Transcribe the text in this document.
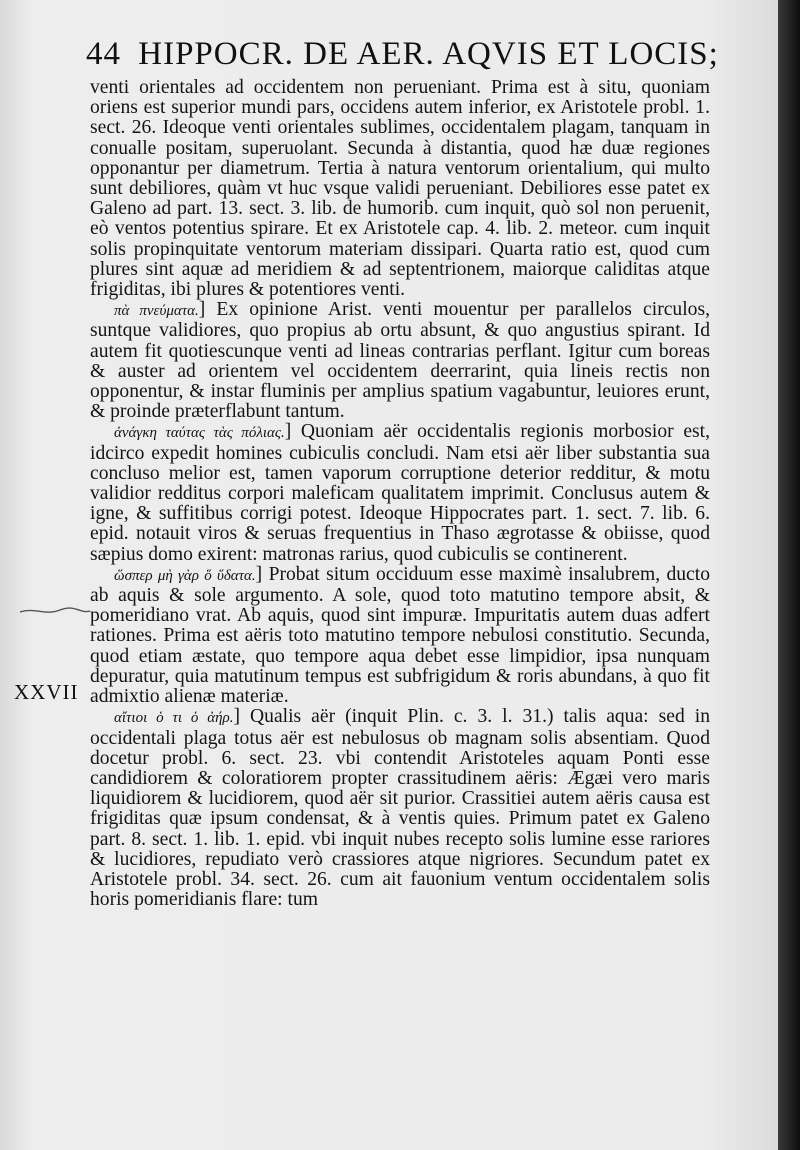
44 HIPPOCR. DE AER. AQVIS ET LOCIS;
XXVII

venti orientales ad occidentem non perueniant. Prima est à situ, quoniam oriens est superior mundi pars, occidens autem inferior, ex Aristotele probl. 1. sect. 26. Ideoque venti orientales sublimes, occidentalem plagam, tanquam in conualle positam, superuolant. Secunda à distantia, quod hæ duæ regiones opponantur per diametrum. Tertia à natura ventorum orientalium, qui multo sunt debiliores, quàm vt huc vsque validi perueniant. Debiliores esse patet ex Galeno ad part. 13. sect. 3. lib. de humorib. cum inquit, quò sol non peruenit, eò ventos potentius spirare. Et ex Aristotele cap. 4. lib. 2. meteor. cum inquit solis propinquitate ventorum materiam dissipari. Quarta ratio est, quod cum plures sint aquæ ad meridiem & ad septentrionem, maiorque caliditas atque frigiditas, ibi plures & potentiores venti.

πὰ πνεύματα.] Ex opinione Arist. venti mouentur per parallelos circulos, suntque validiores, quo propius ab ortu absunt, & quo angustius spirant. Id autem fit quotiescunque venti ad lineas contrarias perflant. Igitur cum boreas & auster ad orientem vel occidentem deerrarint, quia lineis rectis non opponentur, & instar fluminis per amplius spatium vagabuntur, leuiores erunt, & proinde præterflabunt tantum.

ἀνάγκη ταύτας τὰς πόλιας.] Quoniam aër occidentalis regionis morbosior est, idcirco expedit homines cubiculis concludi. Nam etsi aër liber substantia sua concluso melior est, tamen vaporum corruptione deterior redditur, & motu validior redditus corpori maleficam qualitatem imprimit. Conclusus autem & igne, & suffitibus corrigi potest. Ideoque Hippocrates part. 1. sect. 7. lib. 6. epid. notauit viros & seruas frequentius in Thaso ægrotasse & obiisse, quod sæpius domo exirent: matronas rarius, quod cubiculis se continerent.

ὥσπερ μὴ γὰρ ὅ ὕδατα.] Probat situm occiduum esse maximè insalubrem, ducto ab aquis & sole argumento. A sole, quod toto matutino tempore absit, & pomeridiano vrat. Ab aquis, quod sint impuræ. Impuritatis autem duas adfert rationes. Prima est aëris toto matutino tempore nebulosi constitutio. Secunda, quod etiam æstate, quo tempore aqua debet esse limpidior, ipsa nunquam depuratur, quia matutinum tempus est subfrigidum & roris abundans, à quo fit admixtio alienæ materiæ.

αἴτιοι ὁ τι ὁ ἀήρ.] Qualis aër (inquit Plin. c. 3. l. 31.) talis aqua: sed in occidentali plaga totus aër est nebulosus ob magnam solis absentiam. Quod docetur probl. 6. sect. 23. vbi contendit Aristoteles aquam Ponti esse candidiorem & coloratiorem propter crassitudinem aëris: Ægæi vero maris liquidiorem & lucidiorem, quod aër sit purior. Crassitiei autem aëris causa est frigiditas quæ ipsum condensat, & à ventis quies. Primum patet ex Galeno part. 8. sect. 1. lib. 1. epid. vbi inquit nubes recepto solis lumine esse rariores & lucidiores, repudiato verò crassiores atque nigriores. Secundum patet ex Aristotele probl. 34. sect. 26. cum ait fauonium ventum occidentalem solis horis pomeridianis flare: tum
